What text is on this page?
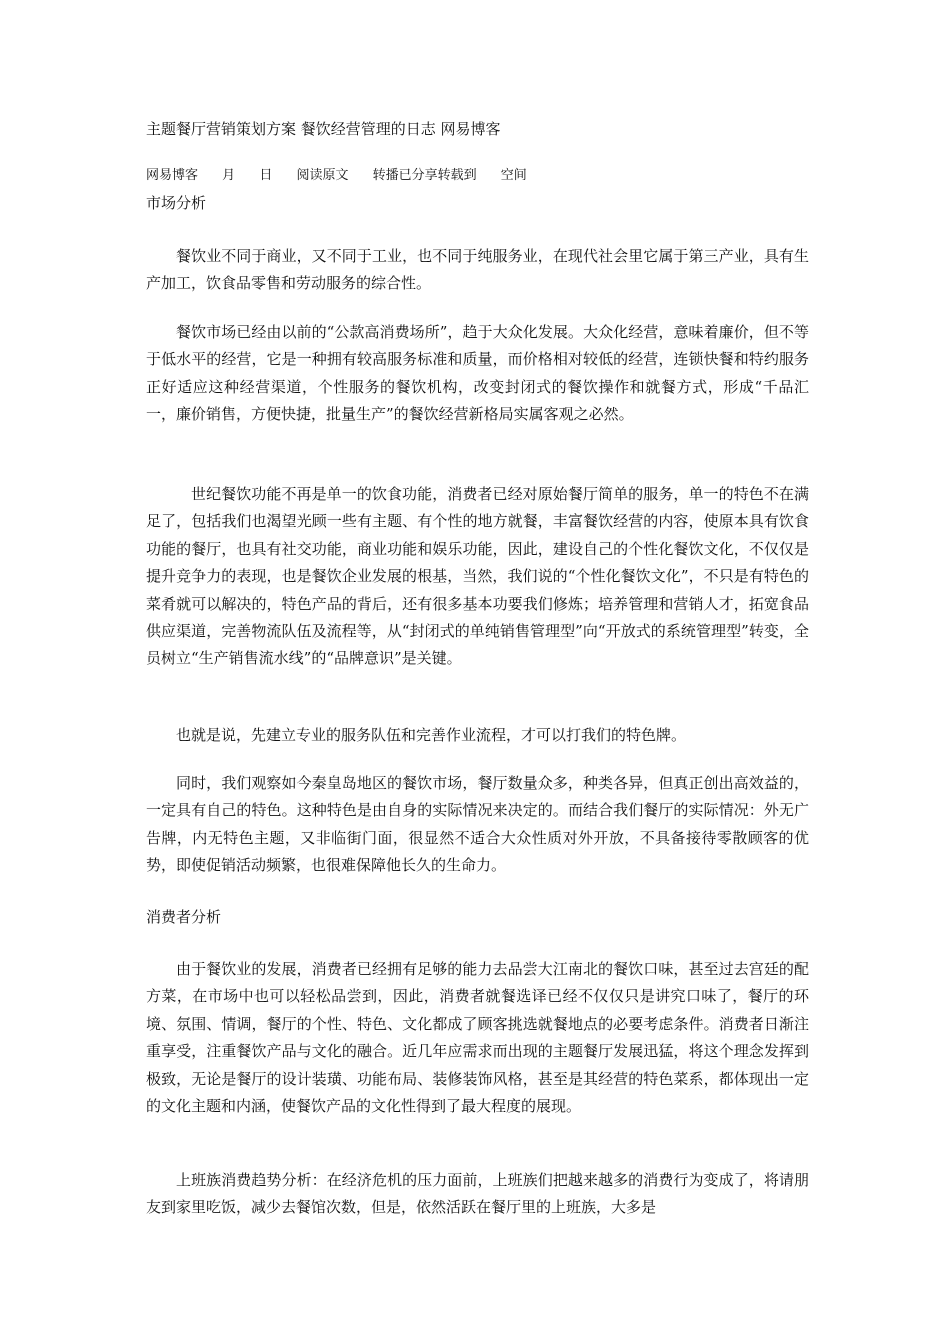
主题餐厅营销策划方案 餐饮经营管理的日志 网易博客
网易博客 月 日 阅读原文 转播已分享转载到 空间
市场分析

餐饮业不同于商业，又不同于工业，也不同于纯服务业，在现代社会里它属于第三产业，具有生产加工，饮食品零售和劳动服务的综合性。

餐饮市场已经由以前的“公款高消费场所”，趋于大众化发展。大众化经营，意味着廉价，但不等于低水平的经营，它是一种拥有较高服务标准和质量，而价格相对较低的经营，连锁快餐和特约服务正好适应这种经营渠道，个性服务的餐饮机构，改变封闭式的餐饮操作和就餐方式，形成“千品汇一，廉价销售，方便快捷，批量生产”的餐饮经营新格局实属客观之必然。

世纪餐饮功能不再是单一的饮食功能，消费者已经对原始餐厅简单的服务，单一的特色不在满足了，包括我们也渴望光顾一些有主题、有个性的地方就餐，丰富餐饮经营的内容，使原本具有饮食功能的餐厅，也具有社交功能，商业功能和娱乐功能，因此，建设自己的个性化餐饮文化，不仅仅是提升竞争力的表现，也是餐饮企业发展的根基，当然，我们说的“个性化餐饮文化”，不只是有特色的菜肴就可以解决的，特色产品的背后，还有很多基本功要我们修炼；培养管理和营销人才，拓宽食品供应渠道，完善物流队伍及流程等，从“封闭式的单纯销售管理型”向“开放式的系统管理型”转变，全员树立“生产销售流水线”的“品牌意识”是关键。

也就是说，先建立专业的服务队伍和完善作业流程，才可以打我们的特色牌。

同时，我们观察如今秦皇岛地区的餐饮市场，餐厅数量众多，种类各异，但真正创出高效益的，一定具有自己的特色。这种特色是由自身的实际情况来决定的。而结合我们餐厅的实际情况：外无广告牌，内无特色主题，又非临街门面，很显然不适合大众性质对外开放，不具备接待零散顾客的优势，即使促销活动频繁，也很难保障他长久的生命力。

消费者分析

由于餐饮业的发展，消费者已经拥有足够的能力去品尝大江南北的餐饮口味，甚至过去宫廷的配方菜，在市场中也可以轻松品尝到，因此，消费者就餐选译已经不仅仅只是讲究口味了，餐厅的环境、氛围、情调，餐厅的个性、特色、文化都成了顾客挑选就餐地点的必要考虑条件。消费者日渐注重享受，注重餐饮产品与文化的融合。近几年应需求而出现的主题餐厅发展迅猛，将这个理念发挥到极致，无论是餐厅的设计装璜、功能布局、装修装饰风格，甚至是其经营的特色菜系，都体现出一定的文化主题和内涵，使餐饮产品的文化性得到了最大程度的展现。

上班族消费趋势分析：在经济危机的压力面前，上班族们把越来越多的消费行为变成了，将请朋友到家里吃饭，减少去餐馆次数，但是，依然活跃在餐厅里的上班族，大多是
